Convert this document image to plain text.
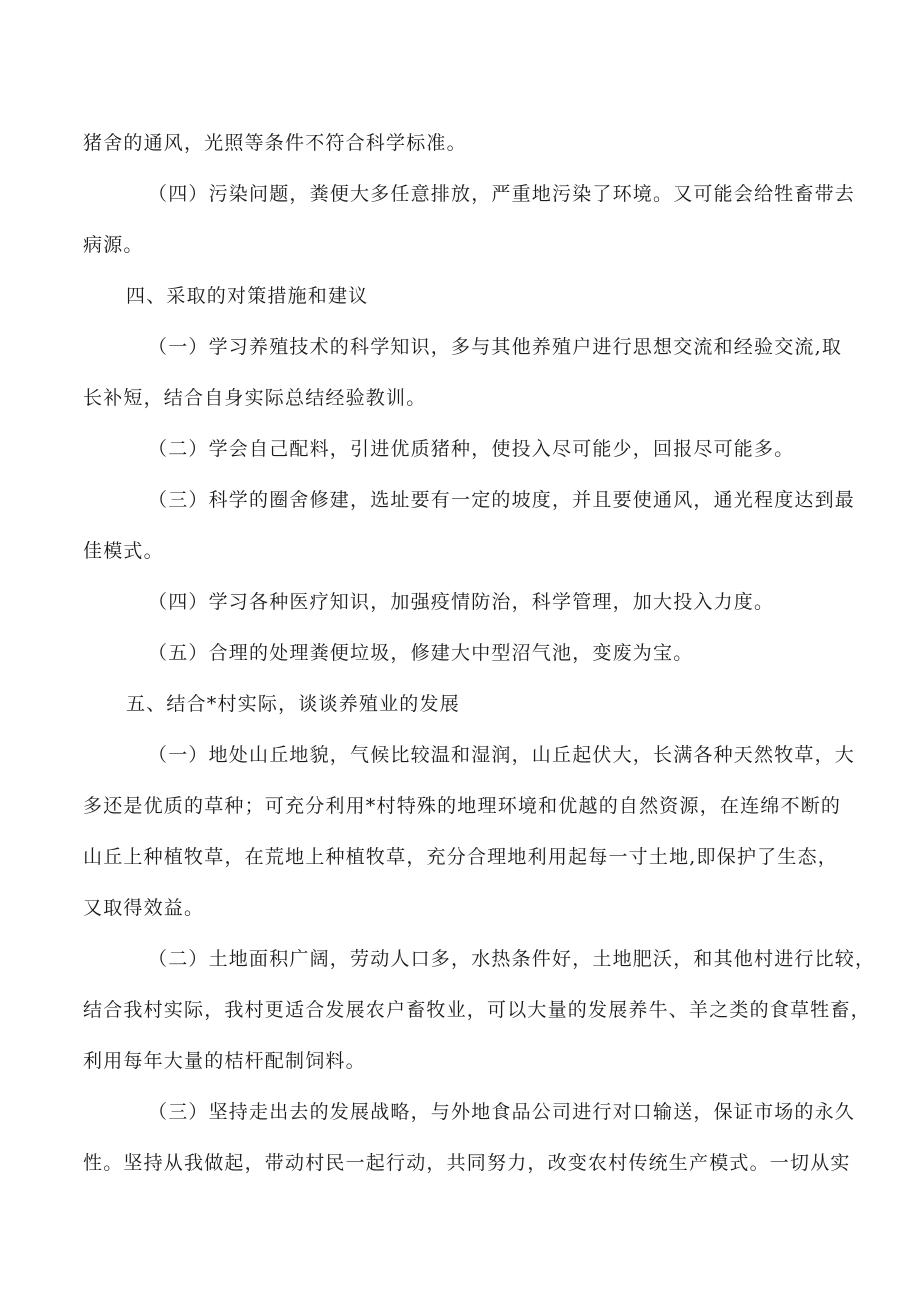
猪舍的通风，光照等条件不符合科学标准。
（四）污染问题，粪便大多任意排放，严重地污染了环境。又可能会给牲畜带去
病源。
四、采取的对策措施和建议
（一）学习养殖技术的科学知识，多与其他养殖户进行思想交流和经验交流,取
长补短，结合自身实际总结经验教训。
（二）学会自己配料，引进优质猪种，使投入尽可能少，回报尽可能多。
（三）科学的圈舍修建，选址要有一定的坡度，并且要使通风，通光程度达到最
佳模式。
（四）学习各种医疗知识，加强疫情防治，科学管理，加大投入力度。
（五）合理的处理粪便垃圾，修建大中型沼气池，变废为宝。
五、结合*村实际，谈谈养殖业的发展
（一）地处山丘地貌，气候比较温和湿润，山丘起伏大，长满各种天然牧草，大
多还是优质的草种；可充分利用*村特殊的地理环境和优越的自然资源，在连绵不断的
山丘上种植牧草，在荒地上种植牧草，充分合理地利用起每一寸土地,即保护了生态，
又取得效益。
（二）土地面积广阔，劳动人口多，水热条件好，土地肥沃，和其他村进行比较，
结合我村实际，我村更适合发展农户畜牧业，可以大量的发展养牛、羊之类的食草牲畜，
利用每年大量的桔杆配制饲料。
（三）坚持走出去的发展战略，与外地食品公司进行对口输送，保证市场的永久
性。坚持从我做起，带动村民一起行动，共同努力，改变农村传统生产模式。一切从实
